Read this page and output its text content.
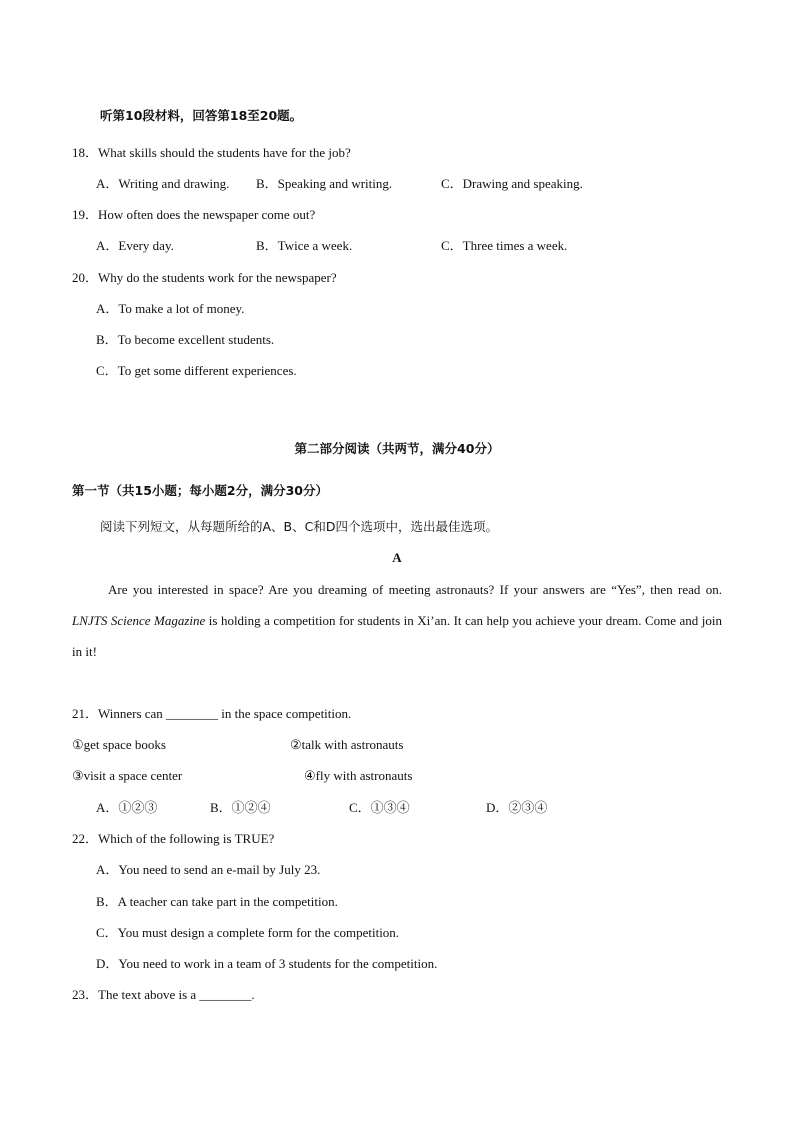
听第10段材料，回答第18至20题。
18．What skills should the students have for the job?
A．Writing and drawing. B．Speaking and writing.	C．Drawing and speaking.
19．How often does the newspaper come out?
A．Every day.	B．Twice a week.	C．Three times a week.
20．Why do the students work for the newspaper?
A．To make a lot of money.
B．To become excellent students.
C．To get some different experiences.
第二部分阅读（共两节，满分40分）
第一节（共15小题；每小题2分，满分30分）
阅读下列短文，从每题所给的A、B、C和D四个选项中，选出最佳选项。
A
Are you interested in space? Are you dreaming of meeting astronauts? If your answers are “Yes”, then read on. LNJTS Science Magazine is holding a competition for students in Xi’an. It can help you achieve your dream. Come and join in it!
21．Winners can ________ in the space competition.
①get space books	②talk with astronauts
③visit a space center	④fly with astronauts
A．①②③	B．①②④	C．①③④	D．②③④
22．Which of the following is TRUE?
A．You need to send an e-mail by July 23.
B．A teacher can take part in the competition.
C．You must design a complete form for the competition.
D．You need to work in a team of 3 students for the competition.
23．The text above is a ________.
